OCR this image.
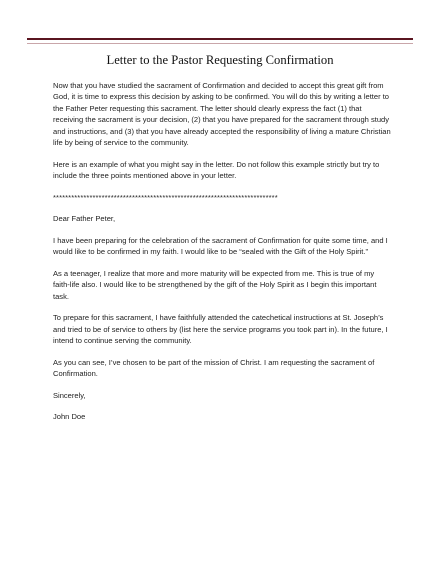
Letter to the Pastor Requesting Confirmation

Now that you have studied the sacrament of Confirmation and decided to accept this great gift from God, it is time to express this decision by asking to be confirmed. You will do this by writing a letter to the Father Peter requesting this sacrament. The letter should clearly express the fact (1) that receiving the sacrament is your decision, (2) that you have prepared for the sacrament through study and instructions, and (3) that you have already accepted the responsibility of living a mature Christian life by being of service to the community.

Here is an example of what you might say in the letter. Do not follow this example strictly but try to include the three points mentioned above in your letter.

**************************************************************************

Dear Father Peter,

I have been preparing for the celebration of the sacrament of Confirmation for quite some time, and I would like to be confirmed in my faith. I would like to be “sealed with the Gift of the Holy Spirit.”

As a teenager, I realize that more and more maturity will be expected from me. This is true of my faith-life also. I would like to be strengthened by the gift of the Holy Spirit as I begin this important task.

To prepare for this sacrament, I have faithfully attended the catechetical instructions at St. Joseph’s and tried to be of service to others by (list here the service programs you took part in). In the future, I intend to continue serving the community.

As you can see, I’ve chosen to be part of the mission of Christ. I am requesting the sacrament of Confirmation.

Sincerely,

John Doe
